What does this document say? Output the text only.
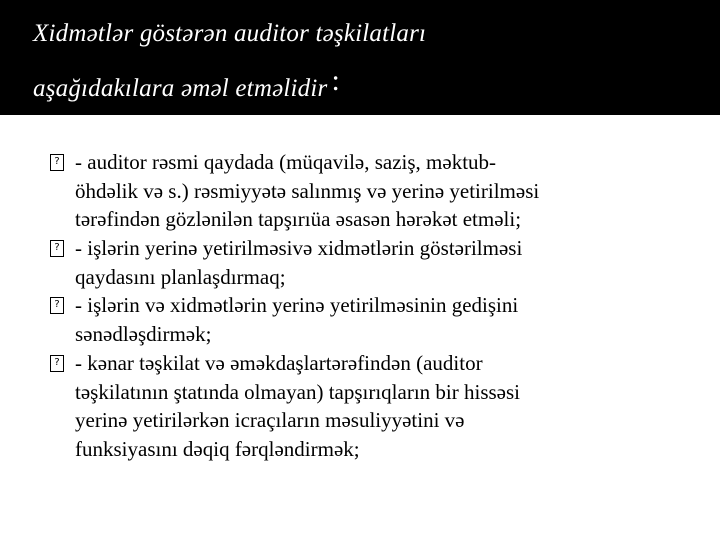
Xidmətlər göstərən auditor təşkilatları
aşağıdakılara əməl etməlidir :
? - auditor rəsmi qaydada (müqavilə, saziş, məktub-
öhdəlik və s.) rəsmiyyətə salınmış və yerinə yetirilməsi
tərəfindən gözlənilən tapşırıüa əsasən hərəkət etməli;
? - işlərin yerinə yetirilməsivə xidmətlərin göstərilməsi
qaydasını planlaşdırmaq;
? - işlərin və xidmətlərin yerinə yetirilməsinin gedişini
sənədləşdirmək;
? - kənar təşkilat və əməkdaşlartərəfindən (auditor
təşkilatının ştatında olmayan) tapşırıqların bir hissəsi
yerinə yetirilərkən icraçıların məsuliyyətini və
funksiyasını dəqiq fərqləndirmək;
